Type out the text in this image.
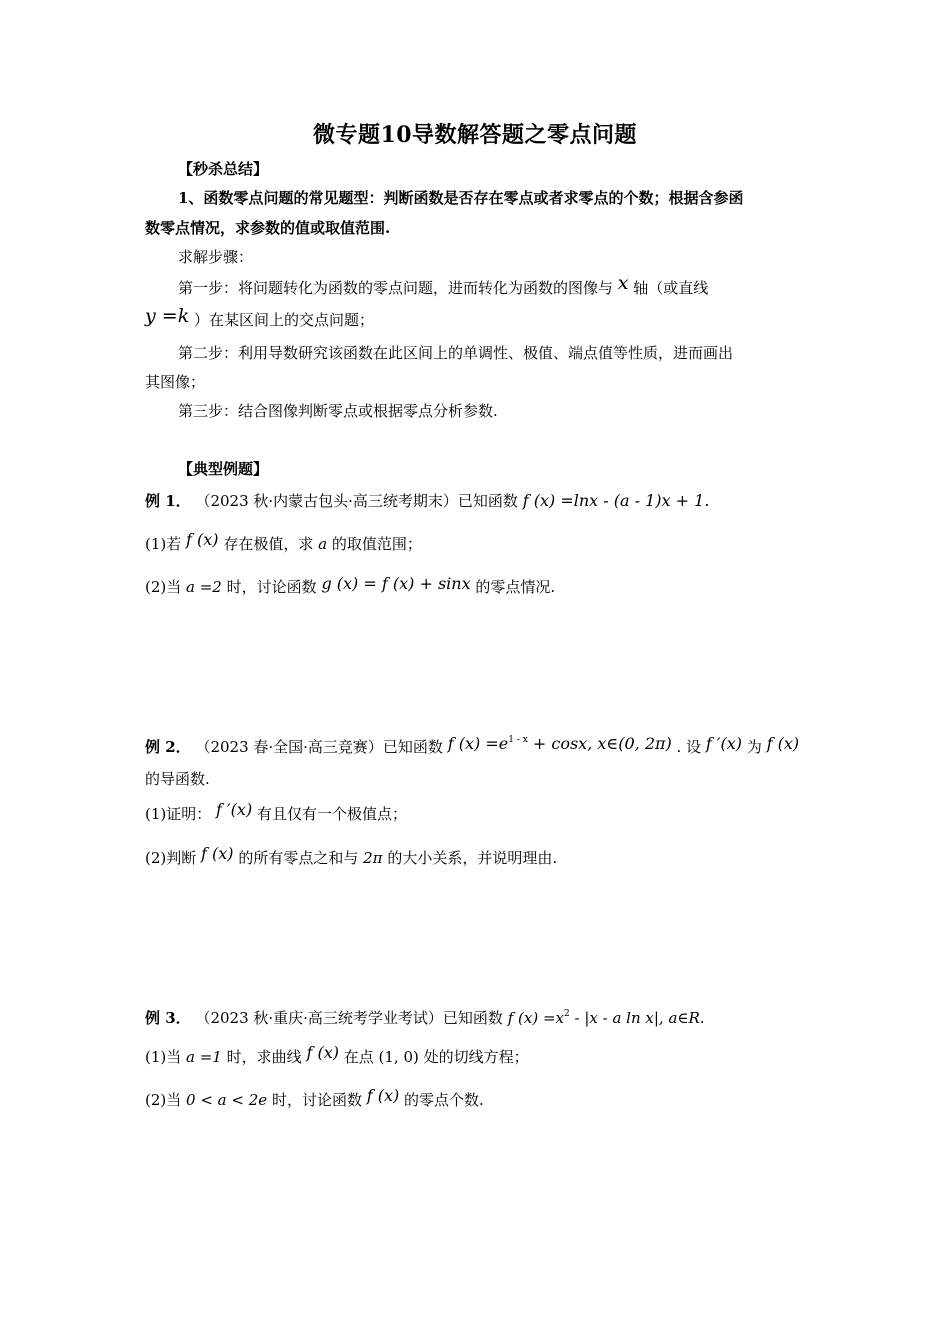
微专题10导数解答题之零点问题
【秒杀总结】
1、函数零点问题的常见题型：判断函数是否存在零点或者求零点的个数；根据含参函
数零点情况，求参数的值或取值范围.
求解步骤：
第一步：将问题转化为函数的零点问题，进而转化为函数的图像与 x 轴（或直线
y =k ）在某区间上的交点问题；
第二步：利用导数研究该函数在此区间上的单调性、极值、端点值等性质，进而画出
其图像；
第三步：结合图像判断零点或根据零点分析参数.
【典型例题】
例 1． （2023 秋·内蒙古包头·高三统考期末）已知函数 f (x) =lnx - (a - 1)x + 1.
(1)若 f (x) 存在极值，求 a 的取值范围；
(2)当 a =2 时，讨论函数 g (x) = f (x) + sinx 的零点情况.
例 2． （2023 春·全国·高三竞赛）已知函数 f $(x) =e^{1 - x} + \cos x$, x∈(0, 2π) . 设 f ′(x) 为 f (x)
的导函数.
(1)证明： f ′(x) 有且仅有一个极值点；
(2)判断 f (x) 的所有零点之和与 2π 的大小关系，并说明理由.
例 3． （2023 秋·重庆·高三统考学业考试）已知函数 f $(x) =x^2 - |x - a$ ln x|, a∈R.
(1)当 a =1 时，求曲线 f (x) 在点 (1, 0) 处的切线方程；
(2)当 0 < a < 2e 时，讨论函数 f (x) 的零点个数.
